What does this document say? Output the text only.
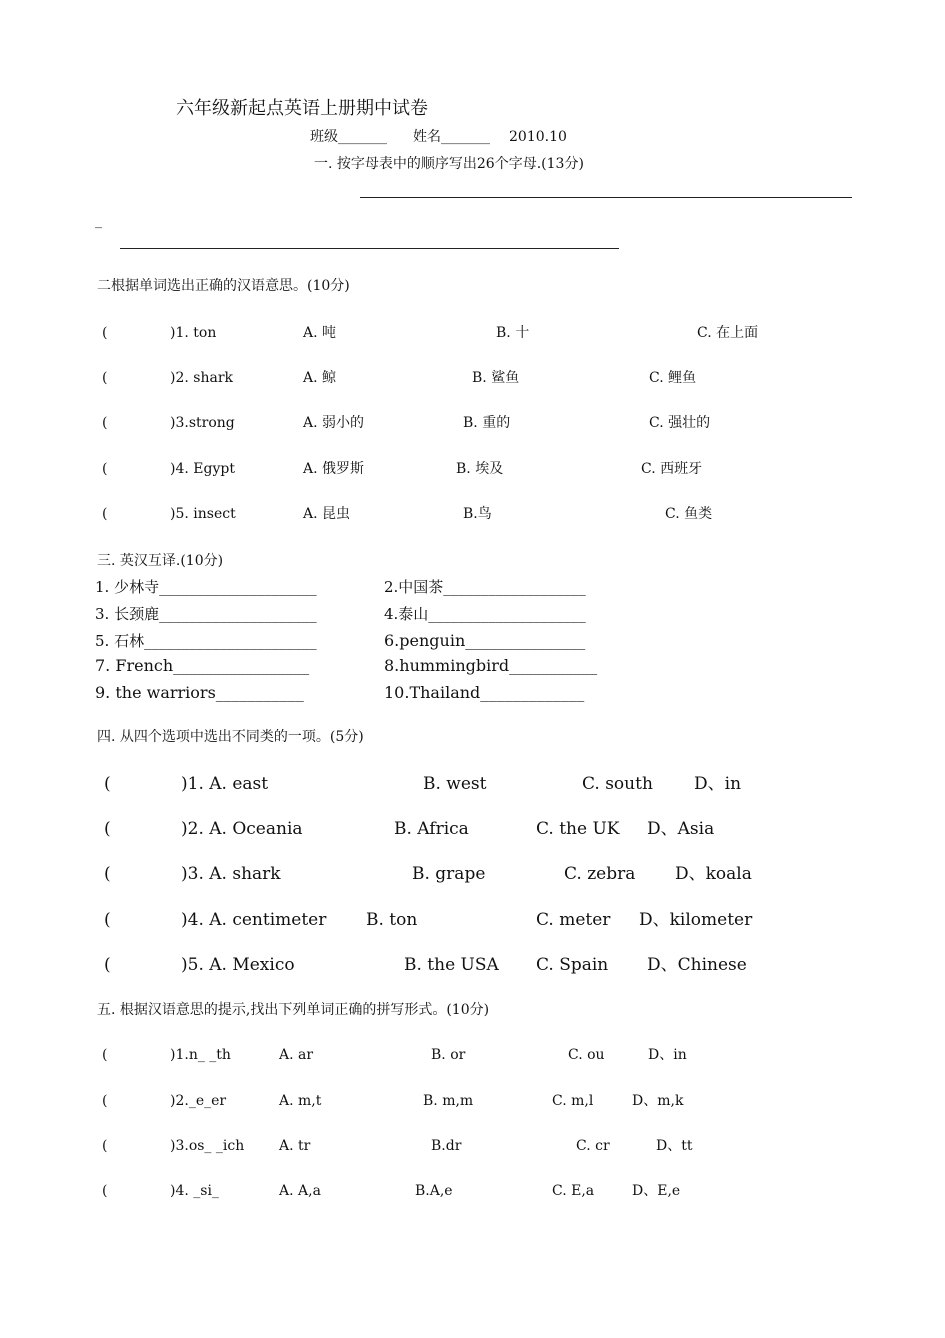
六年级新起点英语上册期中试卷
班级_______ 姓名_______ 2010.10
一. 按字母表中的顺序写出26个字母.(13分)
_
二根据单词选出正确的汉语意思。(10分)
(	)1. ton	A. 吨	B. 十	C. 在上面
(	)2. shark	A. 鲸	B. 鲨鱼	C. 鲤鱼
(	)3.strong	A. 弱小的	B. 重的	C. 强壮的
(	)4. Egypt	A. 俄罗斯	B. 埃及	C. 西班牙
(	)5. insect	A. 昆虫	B.鸟	C. 鱼类
三. 英汉互译.(10分)
1. 少林寺_____________________	2.中国茶___________________
3. 长颈鹿_____________________	4.泰山_____________________
5. 石林_______________________	6.penguin_______________
7. French_________________	8.hummingbird___________
9. the warriors___________	10.Thailand_____________
四. 从四个选项中选出不同类的一项。(5分)
(	)1. A. east	B. west	C. south D、in
(	)2. A. Oceania	B. Africa	C. the UK D、Asia
(	)3. A. shark	B. grape	C. zebra D、koala
(	)4. A. centimeter B. ton	C. meter D、kilometer
(	)5. A. Mexico	B. the USA C. Spain D、Chinese
五. 根据汉语意思的提示,找出下列单词正确的拼写形式。(10分)
(	)1.n_ _th	A. ar	B. or	C. ou	D、in
(	)2._e_er	A. m,t	B. m,m	C. m,l	D、m,k
(	)3.os_ _ich A. tr	B.dr	C. cr	D、tt
(	)4. _si_	A. A,a	B.A,e	C. E,a	D、E,e
